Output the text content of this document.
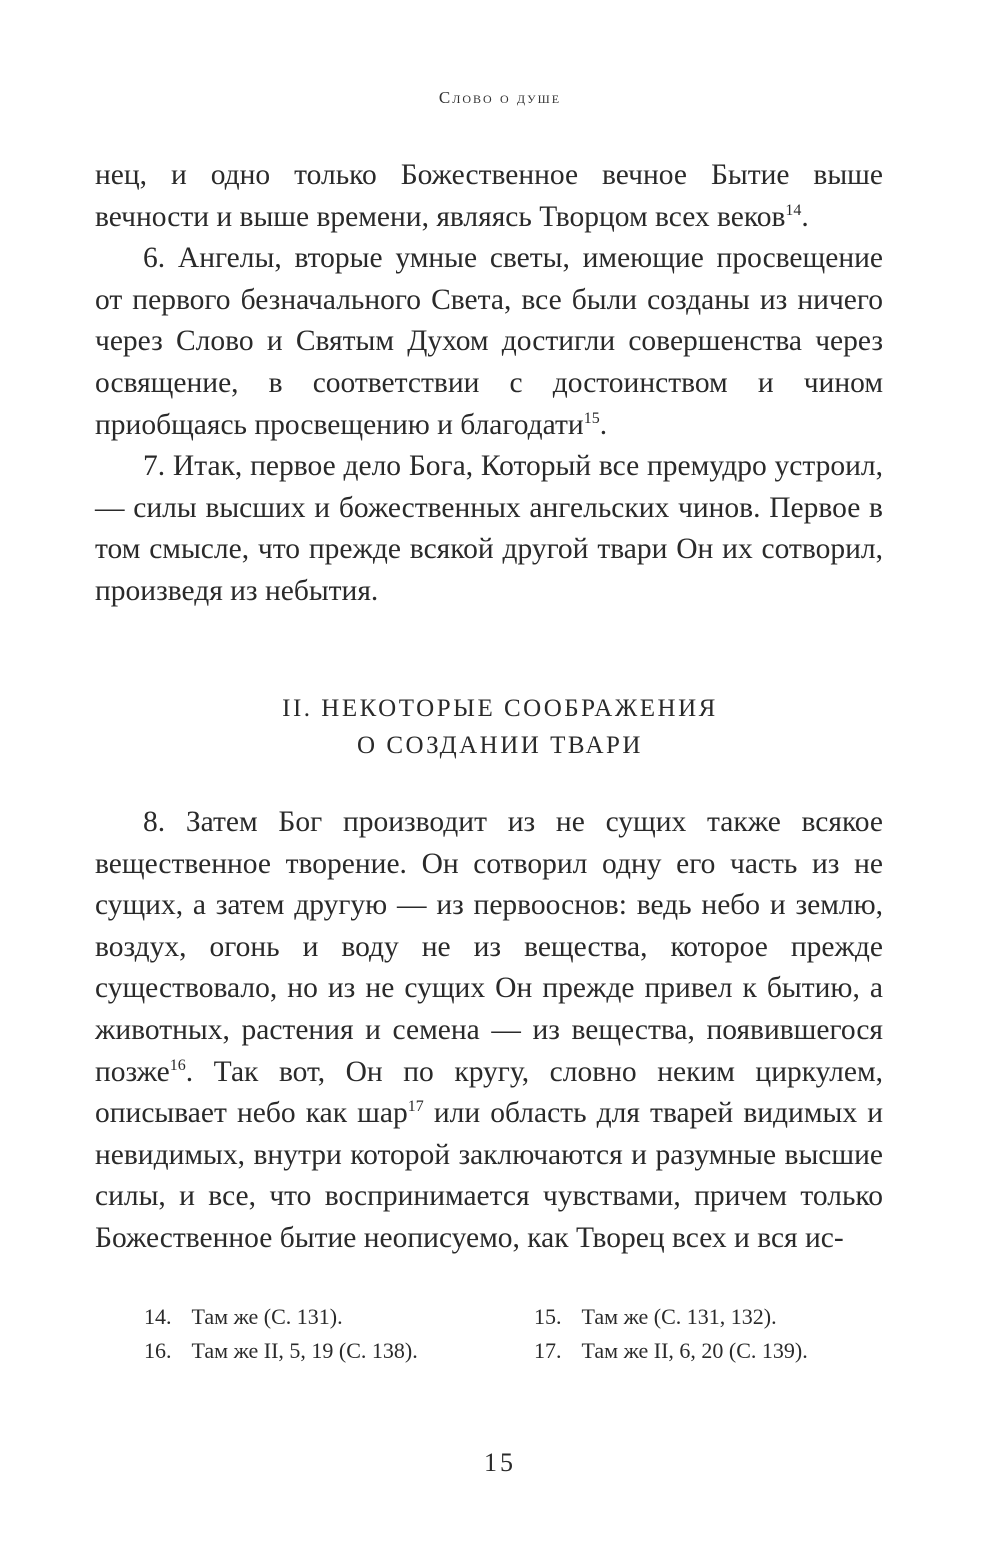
Слово о душе

нец, и одно только Божественное вечное Бытие выше вечности и выше времени, являясь Творцом всех веков$^{14}$.

6. Ангелы, вторые умные светы, имеющие просвещение от первого безначального Света, все были созданы из ничего через Слово и Святым Духом достигли совершенства через освящение, в соответствии с достоинством и чином приобщаясь просвещению и благодати$^{15}$.

7. Итак, первое дело Бога, Который все премудро устроил, — силы высших и божественных ангельских чинов. Первое в том смысле, что прежде всякой другой твари Он их сотворил, произведя из небытия.

II. НЕКОТОРЫЕ СООБРАЖЕНИЯ
О СОЗДАНИИ ТВАРИ

8. Затем Бог производит из не сущих также всякое вещественное творение. Он сотворил одну его часть из не сущих, а затем другую — из первооснов: ведь небо и землю, воздух, огонь и воду не из вещества, которое прежде существовало, но из не сущих Он прежде привел к бытию, а животных, растения и семена — из вещества, появившегося позже$^{16}$. Так вот, Он по кругу, словно неким циркулем, описывает небо как шар$^{17}$ или область для тварей видимых и невидимых, внутри которой заключаются и разумные высшие силы, и все, что воспринимается чувствами, причем только Божественное бытие неописуемо, как Творец всех и вся ис-

14. Там же (С. 131).	15. Там же (С. 131, 132).
16. Там же II, 5, 19 (С. 138).	17. Там же II, 6, 20 (С. 139).
15
